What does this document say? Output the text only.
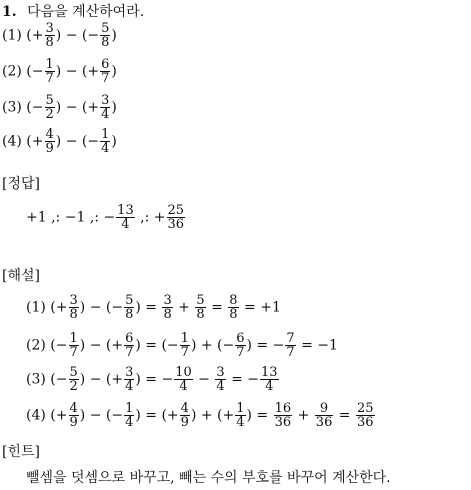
1. 다음을 계산하여라.
(1) (+ $\frac{3}{8}$ ) − (− $\frac{5}{8}$ )
(2) (− $\frac{1}{7}$ ) − (+ $\frac{6}{7}$ )
(3) (− $\frac{5}{2}$ ) − (+ $\frac{3}{4}$ )
(4) (+ $\frac{4}{9}$ ) − (− $\frac{1}{4}$ )
[정답]
+1 ,: −1 ,: − $\frac{13}{4}$ ,: + $\frac{25}{36}$
[해설]
(1) (+ $\frac{3}{8}$ ) − (− $\frac{5}{8}$ ) = $\frac{3}{8} + \frac{5}{8} = \frac{8}{8} = +1$
(2) (− $\frac{1}{7}$ ) − (+ $\frac{6}{7}$ ) = (− $\frac{1}{7}$ ) + (− $\frac{6}{7}$ ) = − $\frac{7}{7} = -1$
(3) (− $\frac{5}{2}$ ) − (+ $\frac{3}{4}$ ) = − $\frac{10}{4} - \frac{3}{4}$ = − $\frac{13}{4}$
(4) (+ $\frac{4}{9}$ ) − (− $\frac{1}{4}$ ) = (+ $\frac{4}{9}$ ) + (+ $\frac{1}{4}$ ) = $\frac{16}{36} + \frac{9}{36} = \frac{25}{36}$
[힌트]
뺄셈을 덧셈으로 바꾸고, 빼는 수의 부호를 바꾸어 계산한다.
